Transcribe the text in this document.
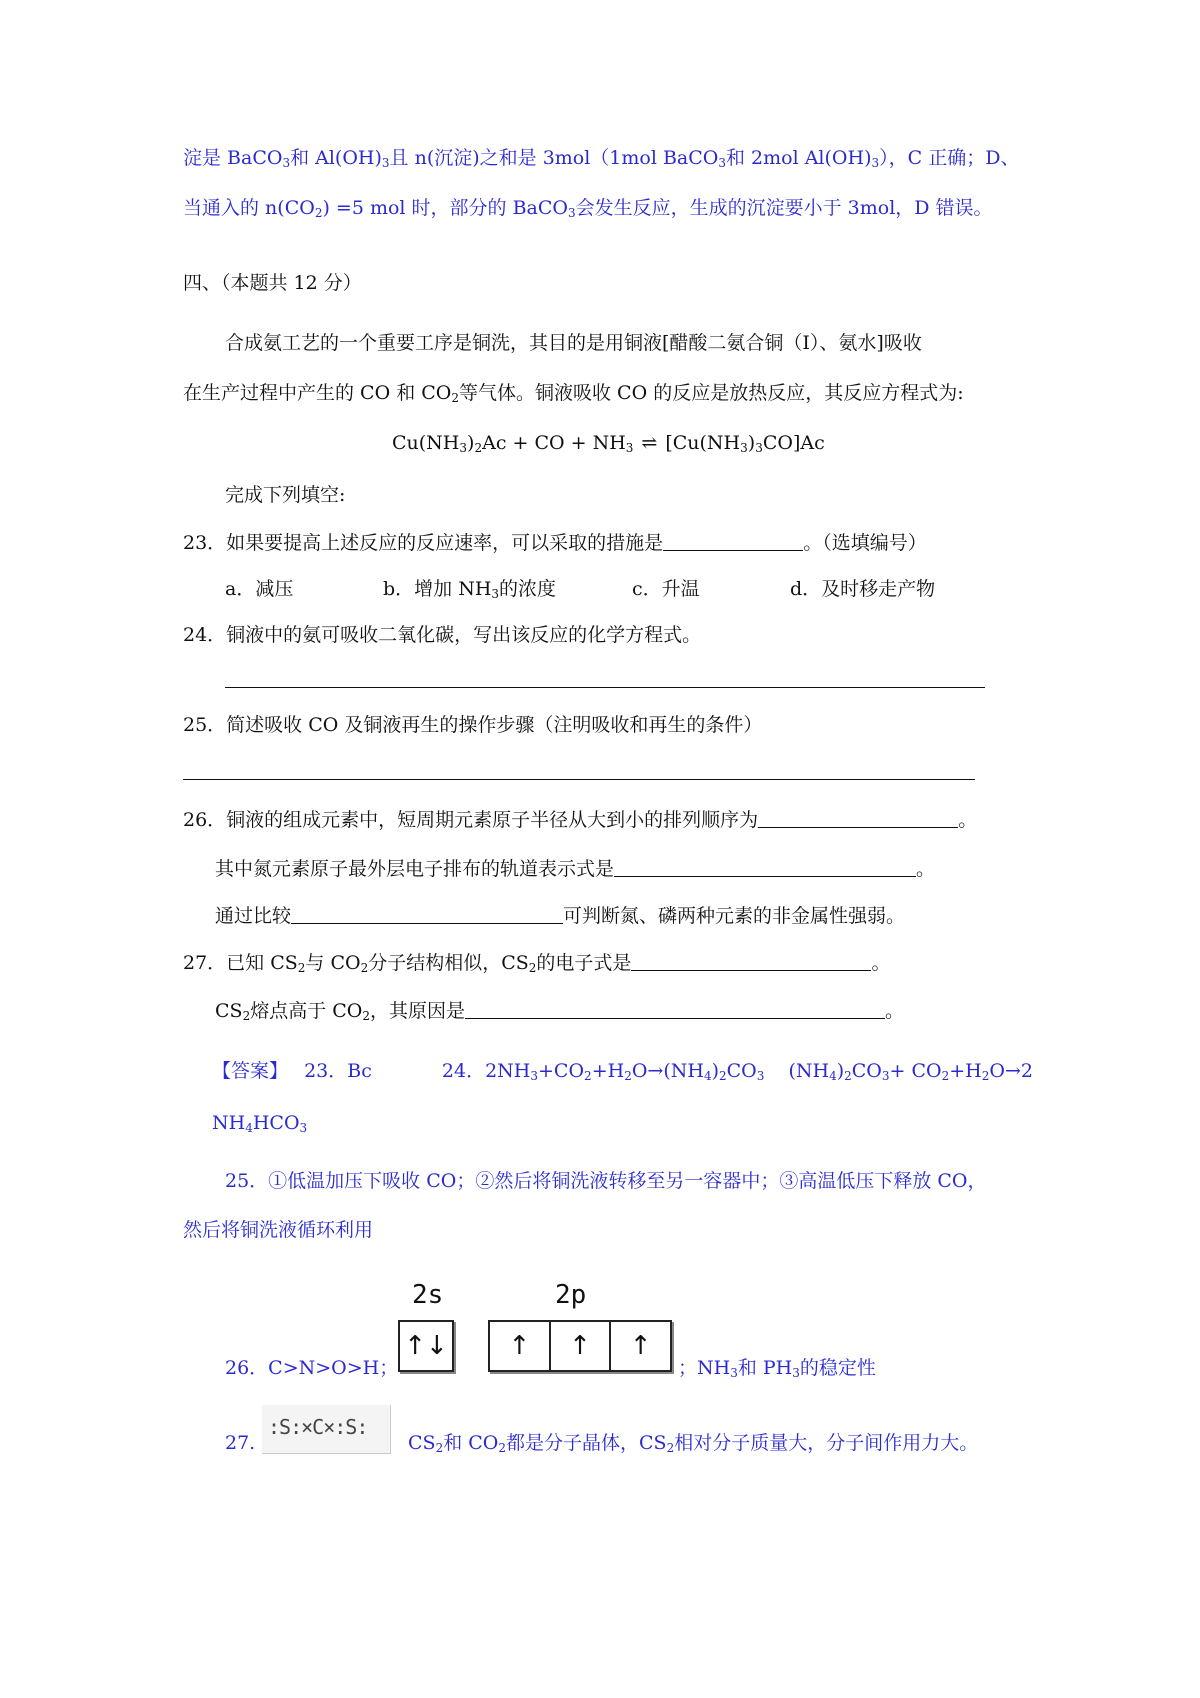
淀是 BaCO$_3$和 $Al(OH)_3$且 n(沉淀)之和是 3mol（1mol BaCO$_3$和 2mol $Al(OH)_3$），C 正确；D、
当通入的 $n(CO_2) =5$ mol 时，部分的 BaCO$_3$会发生反应，生成的沉淀要小于 3mol，D 错误。
四、（本题共 12 分）
合成氨工艺的一个重要工序是铜洗，其目的是用铜液[醋酸二氨合铜（Ⅰ）、氨水]吸收
在生产过程中产生的 CO 和 $CO_2$等气体。铜液吸收 CO 的反应是放热反应，其反应方程式为:
$Cu(NH_3)_2Ac$ + CO + $NH_3$ ⇌ $[Cu(NH_3)_3CO]Ac$
完成下列填空:
23．如果要提高上述反应的反应速率，可以采取的措施是	。（选填编号）
a．减压	b．增加 $NH_3$的浓度	c．升温	d．及时移走产物
24．铜液中的氨可吸收二氧化碳，写出该反应的化学方程式。
25．简述吸收 CO 及铜液再生的操作步骤（注明吸收和再生的条件）
26．铜液的组成元素中，短周期元素原子半径从大到小的排列顺序为	。
其中氮元素原子最外层电子排布的轨道表示式是	。
通过比较	可判断氮、磷两种元素的非金属性强弱。
27．已知 $CS_2$与 $CO_2$分子结构相似，$CS_2$的电子式是	。
$CS_2$熔点高于 $CO_2$，其原因是	。
【答案】 23．Bc	24．$2NH_3+CO_2+H_2O\to(NH_4)_2CO_3$ $(NH_4)_2CO_3+ CO_2+H_2O\to 2$
$NH_4HCO_3$
25．①低温加压下吸收 CO；②然后将铜洗液转移至另一容器中；③高温低压下释放 CO，
然后将铜洗液循环利用
26．C>N>O>H；
2s	2p
↑↓	↑	↑	↑
；$NH_3$和 $PH_3$的稳定性
27.
:S:×C×:S:
$CS_2$和 $CO_2$都是分子晶体，$CS_2$相对分子质量大，分子间作用力大。
